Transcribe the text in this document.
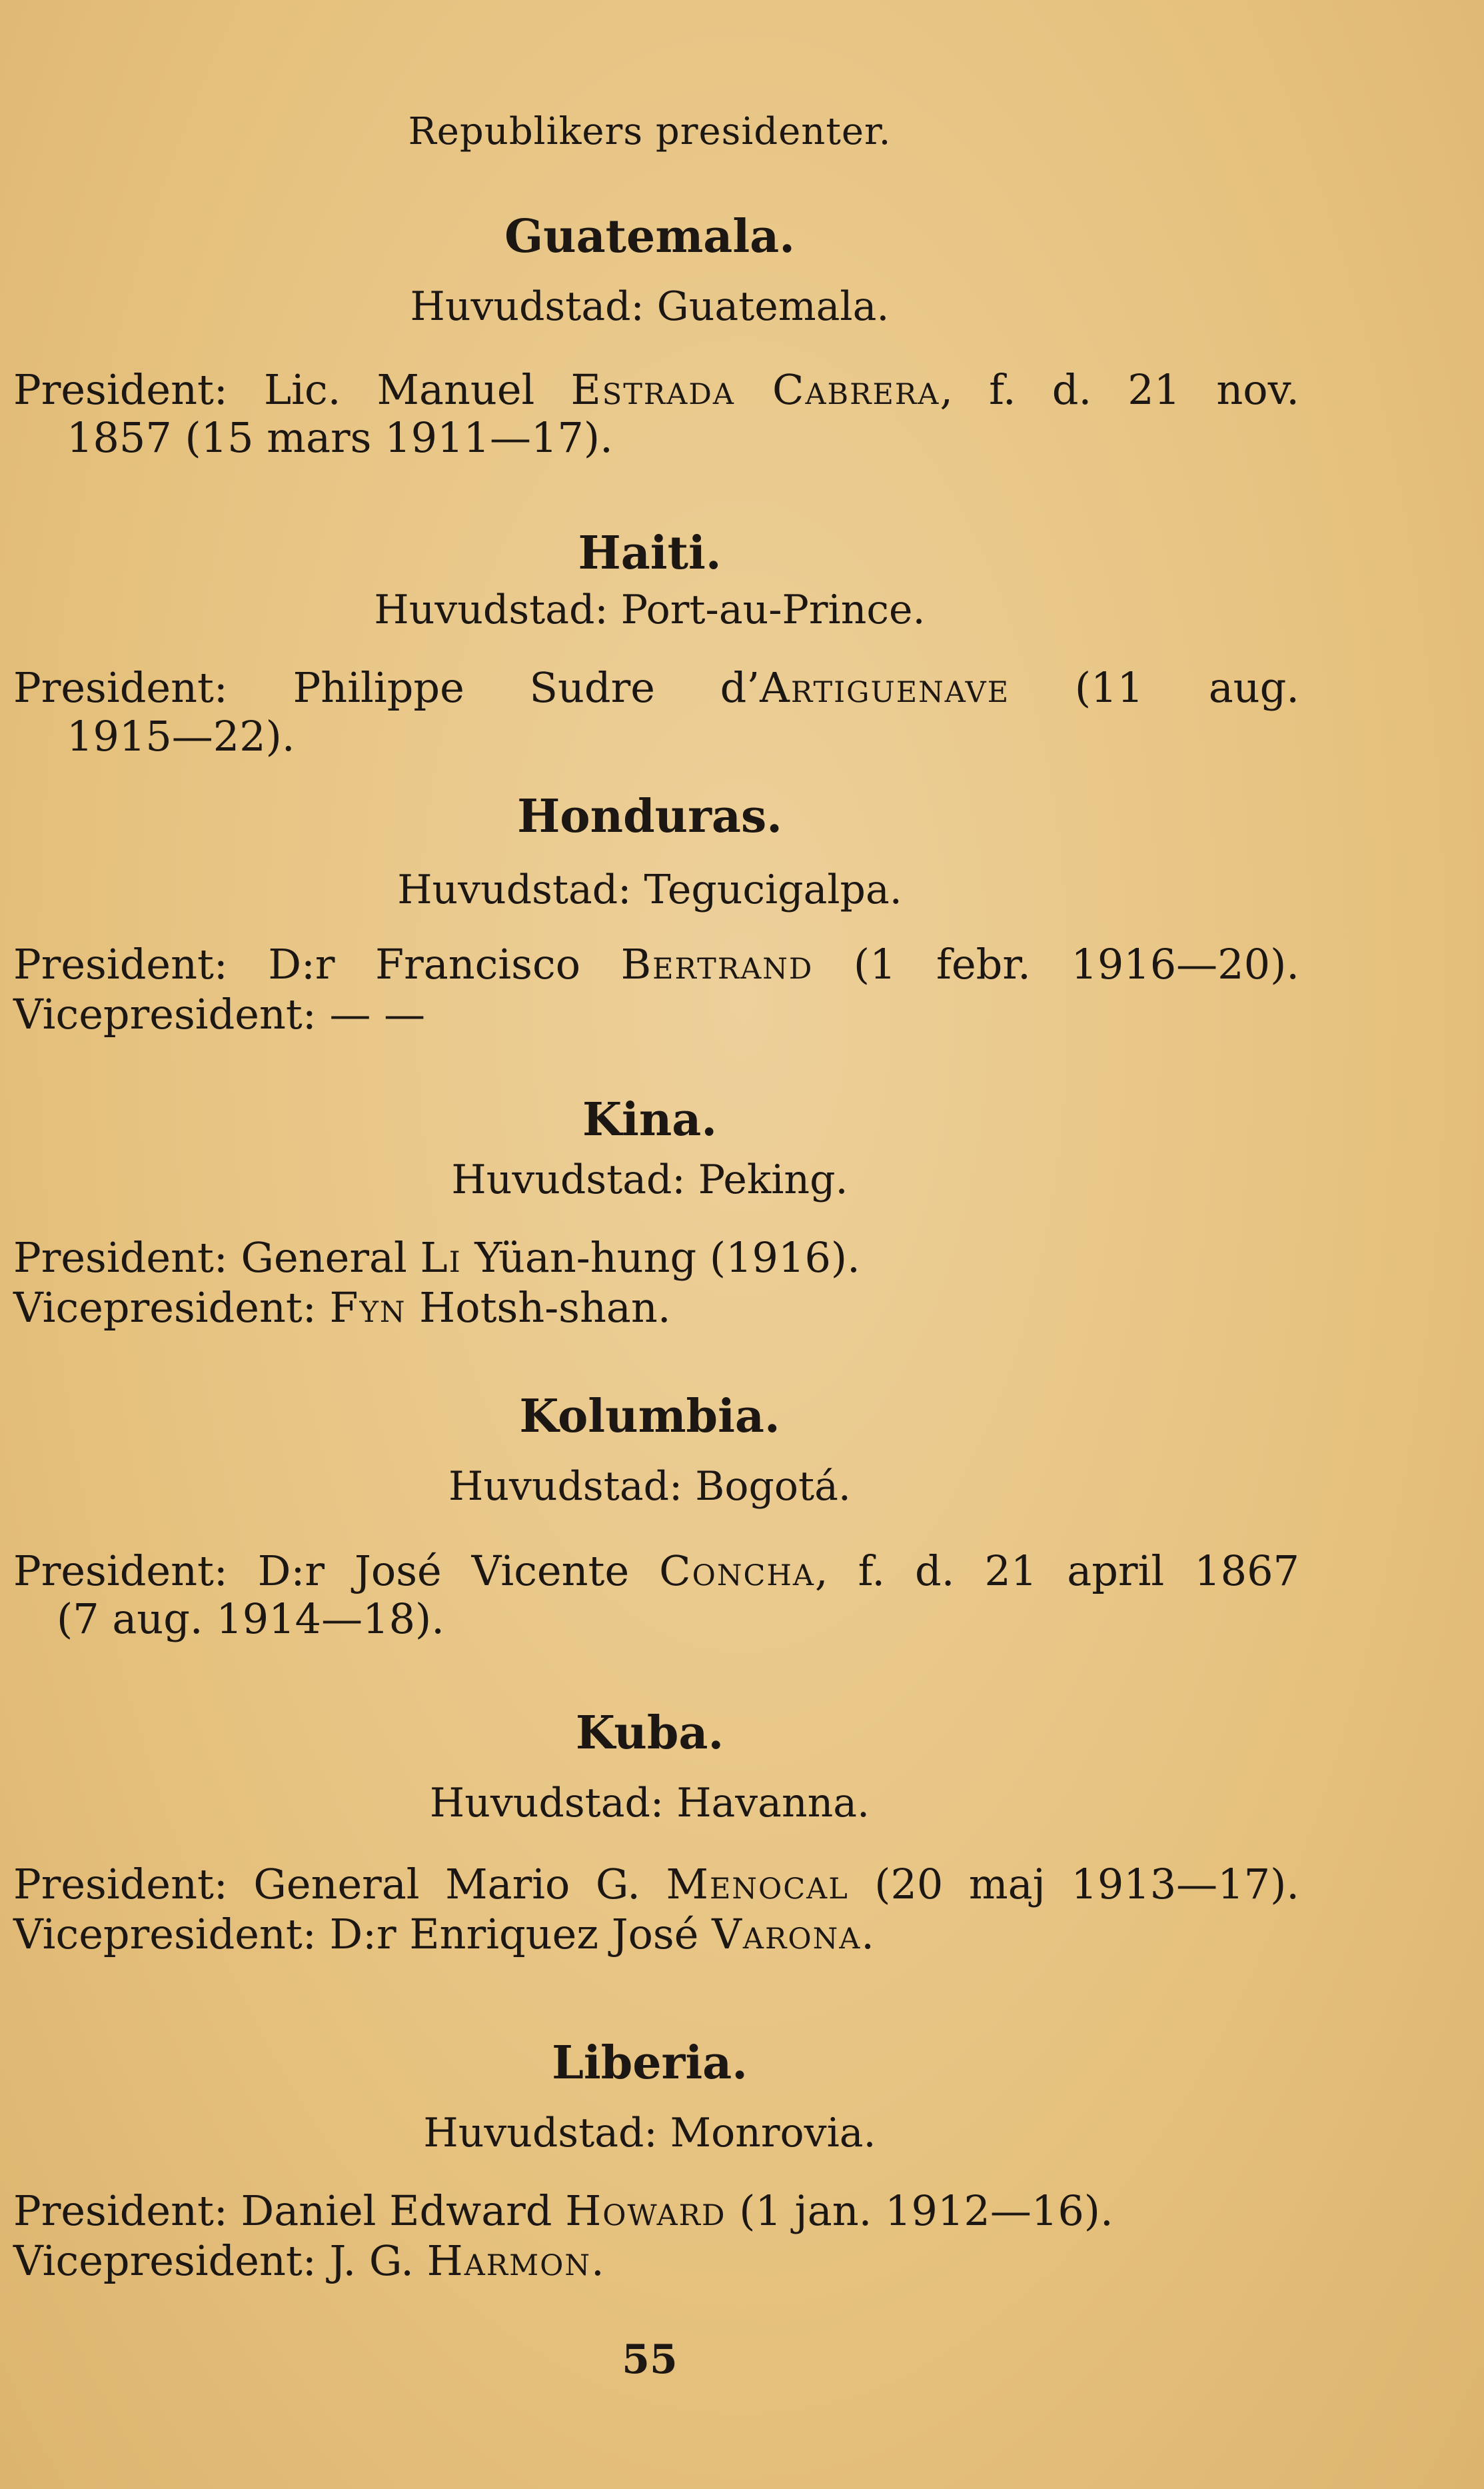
Republikers presidenter.
Guatemala.
Huvudstad: Guatemala.
President: Lic. Manuel Estrada Cabrera, f. d. 21 nov.
1857 (15 mars 1911—17).
Haiti.
Huvudstad: Port-au-Prince.
President: Philippe Sudre d’Artiguenave (11 aug.
1915—22).
Honduras.
Huvudstad: Tegucigalpa.
President: D:r Francisco Bertrand (1 febr. 1916—20).
Vicepresident: — —
Kina.
Huvudstad: Peking.
President: General Li Yüan-hung (1916).
Vicepresident: Fyn Hotsh-shan.
Kolumbia.
Huvudstad: Bogotá.
President: D:r José Vicente Concha, f. d. 21 april 1867
(7 aug. 1914—18).
Kuba.
Huvudstad: Havanna.
President: General Mario G. Menocal (20 maj 1913—17).
Vicepresident: D:r Enriquez José Varona.
Liberia.
Huvudstad: Monrovia.
President: Daniel Edward Howard (1 jan. 1912—16).
Vicepresident: J. G. Harmon.
55
